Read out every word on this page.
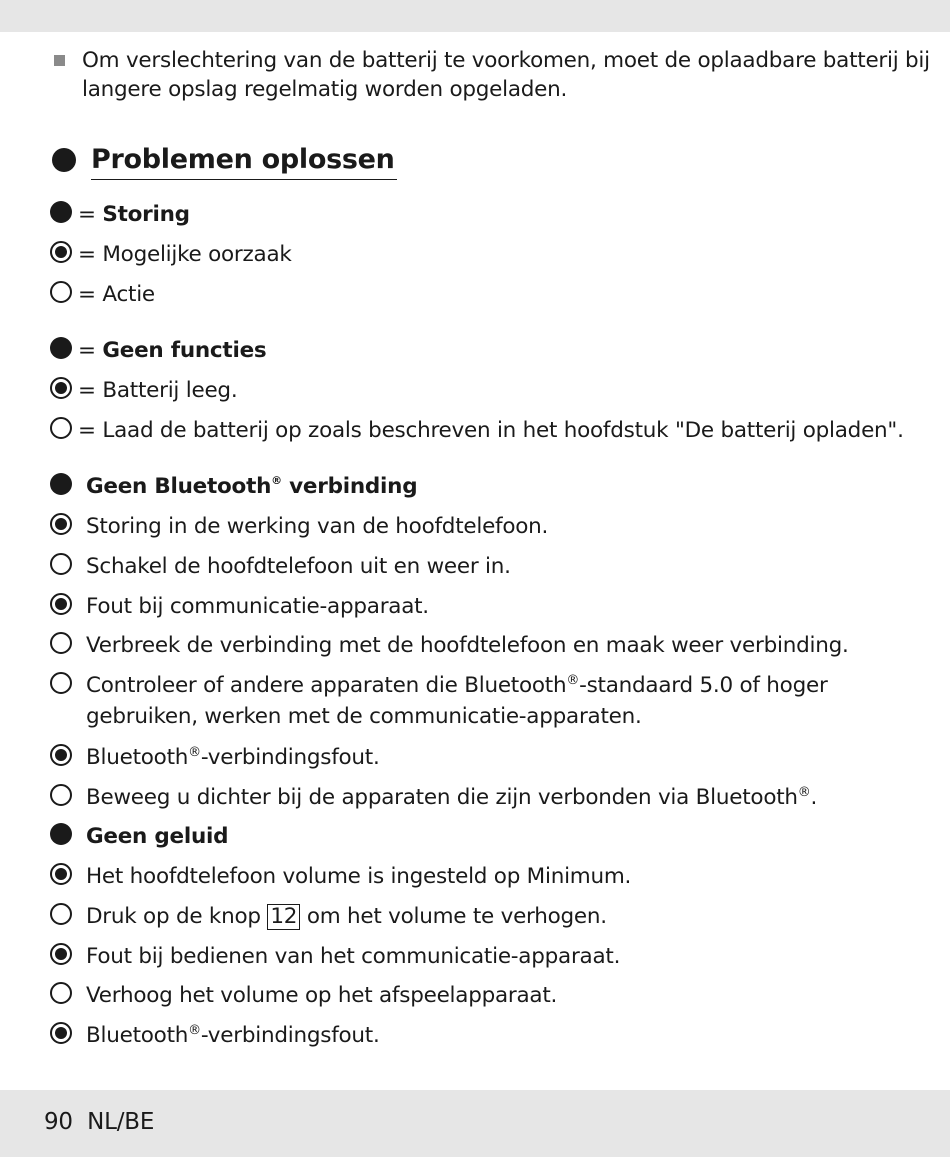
Om verslechtering van de batterij te voorkomen, moet de oplaadbare batterij bij
langere opslag regelmatig worden opgeladen.
Problemen oplossen
= Storing
= Mogelijke oorzaak
= Actie
= Geen functies
= Batterij leeg.
= Laad de batterij op zoals beschreven in het hoofdstuk "De batterij opladen".
Geen Bluetooth® verbinding
Storing in de werking van de hoofdtelefoon.
Schakel de hoofdtelefoon uit en weer in.
Fout bij communicatie-apparaat.
Verbreek de verbinding met de hoofdtelefoon en maak weer verbinding.
Controleer of andere apparaten die Bluetooth®-standaard 5.0 of hoger
gebruiken, werken met de communicatie-apparaten.
Bluetooth®-verbindingsfout.
Beweeg u dichter bij de apparaten die zijn verbonden via Bluetooth®.
Geen geluid
Het hoofdtelefoon volume is ingesteld op Minimum.
Druk op de knop 12 om het volume te verhogen.
Fout bij bedienen van het communicatie-apparaat.
Verhoog het volume op het afspeelapparaat.
Bluetooth®-verbindingsfout.
90 NL/BE
